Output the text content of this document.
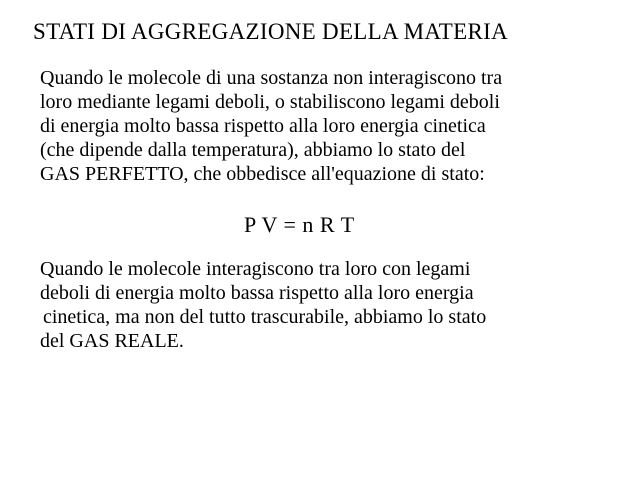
STATI DI AGGREGAZIONE DELLA MATERIA
Quando le molecole di una sostanza non interagiscono tra
loro mediante legami deboli, o stabiliscono legami deboli
di energia molto bassa rispetto alla loro energia cinetica
(che dipende dalla temperatura), abbiamo lo stato del
GAS PERFETTO, che obbedisce all'equazione di stato:
P V = n R T
Quando le molecole interagiscono tra loro con legami
deboli di energia molto bassa rispetto alla loro energia
cinetica, ma non del tutto trascurabile, abbiamo lo stato
del GAS REALE.
